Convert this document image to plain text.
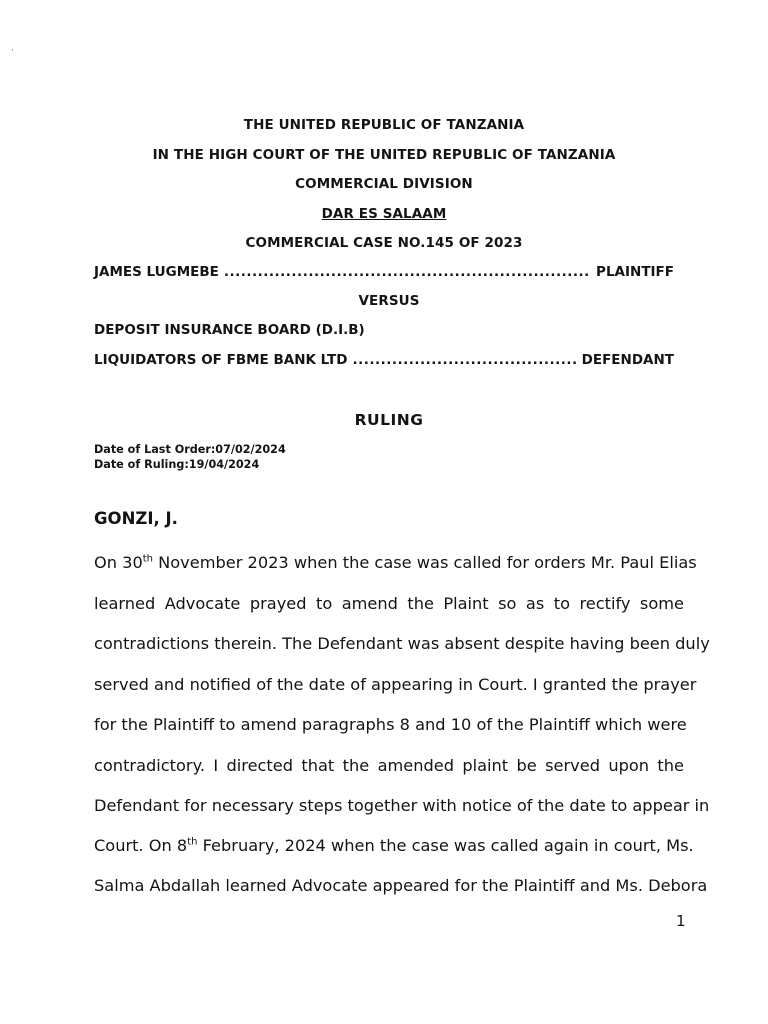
THE UNITED REPUBLIC OF TANZANIA
IN THE HIGH COURT OF THE UNITED REPUBLIC OF TANZANIA
COMMERCIAL DIVISION
DAR ES SALAAM
COMMERCIAL CASE NO.145 OF 2023
JAMES LUGMEBE .....	PLAINTIFF
VERSUS
DEPOSIT INSURANCE BOARD (D.I.B)
LIQUIDATORS OF FBME BANK LTD .....	DEFENDANT
RULING
Date of Last Order:07/02/2024
Date of Ruling:19/04/2024
GONZI, J.
On 30th November 2023 when the case was called for orders Mr. Paul Elias
learned Advocate prayed to amend the Plaint so as to rectify some
contradictions therein. The Defendant was absent despite having been duly
served and notified of the date of appearing in Court. I granted the prayer
for the Plaintiff to amend paragraphs 8 and 10 of the Plaintiff which were
contradictory. I directed that the amended plaint be served upon the
Defendant for necessary steps together with notice of the date to appear in
Court. On 8th February, 2024 when the case was called again in court, Ms.
Salma Abdallah learned Advocate appeared for the Plaintiff and Ms. Debora
1
